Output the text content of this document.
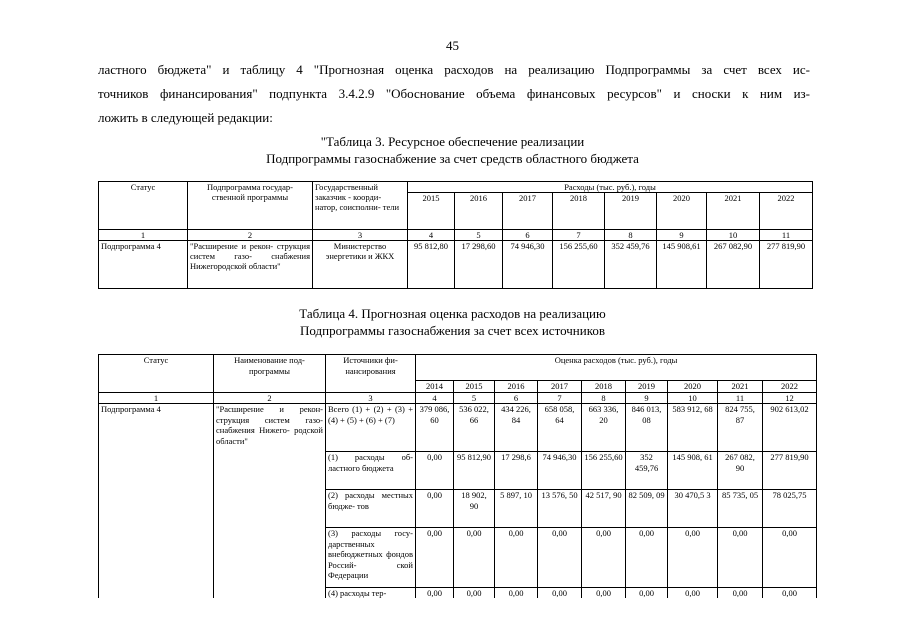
45
ластного бюджета" и таблицу 4 "Прогнозная оценка расходов на реализацию Подпрограммы за счет всех ис-
точников финансирования" подпункта 3.4.2.9 "Обоснование объема финансовых ресурсов" и сноски к ним из-
ложить в следующей редакции:
"Таблица 3. Ресурсное обеспечение реализации
Подпрограммы газоснабжение за счет средств областного бюджета
Статус	Подпрограмма государ- ственной программы	Государственный заказчик - коорди- натор, соисполни- тели	Расходы (тыс. руб.), годы							
			2015	2016	2017	2018	2019	2020	2021	2022
1	2	3	4	5	6	7	8	9	10	11
Подпрограмма 4	"Расширение и рекон- струкция систем газо- снабжения Нижегородской области"	Министерство энергетики и ЖКХ	95 812,80	17 298,60	74 946,30	156 255,60	352 459,76	145 908,61	267 082,90	277 819,90
Таблица 4. Прогнозная оценка расходов на реализацию
Подпрограммы газоснабжения за счет всех источников
Статус	Наименование под- программы	Источники фи- нансирования	Оценка расходов (тыс. руб.), годы								
			2014	2015	2016	2017	2018	2019	2020	2021	2022
1	2	3	4	5	6	7	8	9	10	11	12
Подпрограмма 4	"Расширение и рекон- струкция систем газо- снабжения Нижего- родской области"	Всего (1) + (2) + (3) + (4) + (5) + (6) + (7)	379 086, 60	536 022, 66	434 226, 84	658 058, 64	663 336, 20	846 013, 08	583 912, 68	824 755, 87	902 613,02
		(1) расходы об- ластного бюджета	0,00	95 812,90	17 298,6	74 946,30	156 255,60	352 459,76	145 908, 61	267 082, 90	277 819,90
		(2) расходы местных бюдже- тов	0,00	18 902, 90	5 897, 10	13 576, 50	42 517, 90	82 509, 09	30 470,5 3	85 735, 05	78 025,75
		(3) расходы госу- дарственных внебюджетных фондов Россий- ской Федерации	0,00	0,00	0,00	0,00	0,00	0,00	0,00	0,00	0,00
		(4) расходы тер-	0,00	0,00	0,00	0,00	0,00	0,00	0,00	0,00	0,00
